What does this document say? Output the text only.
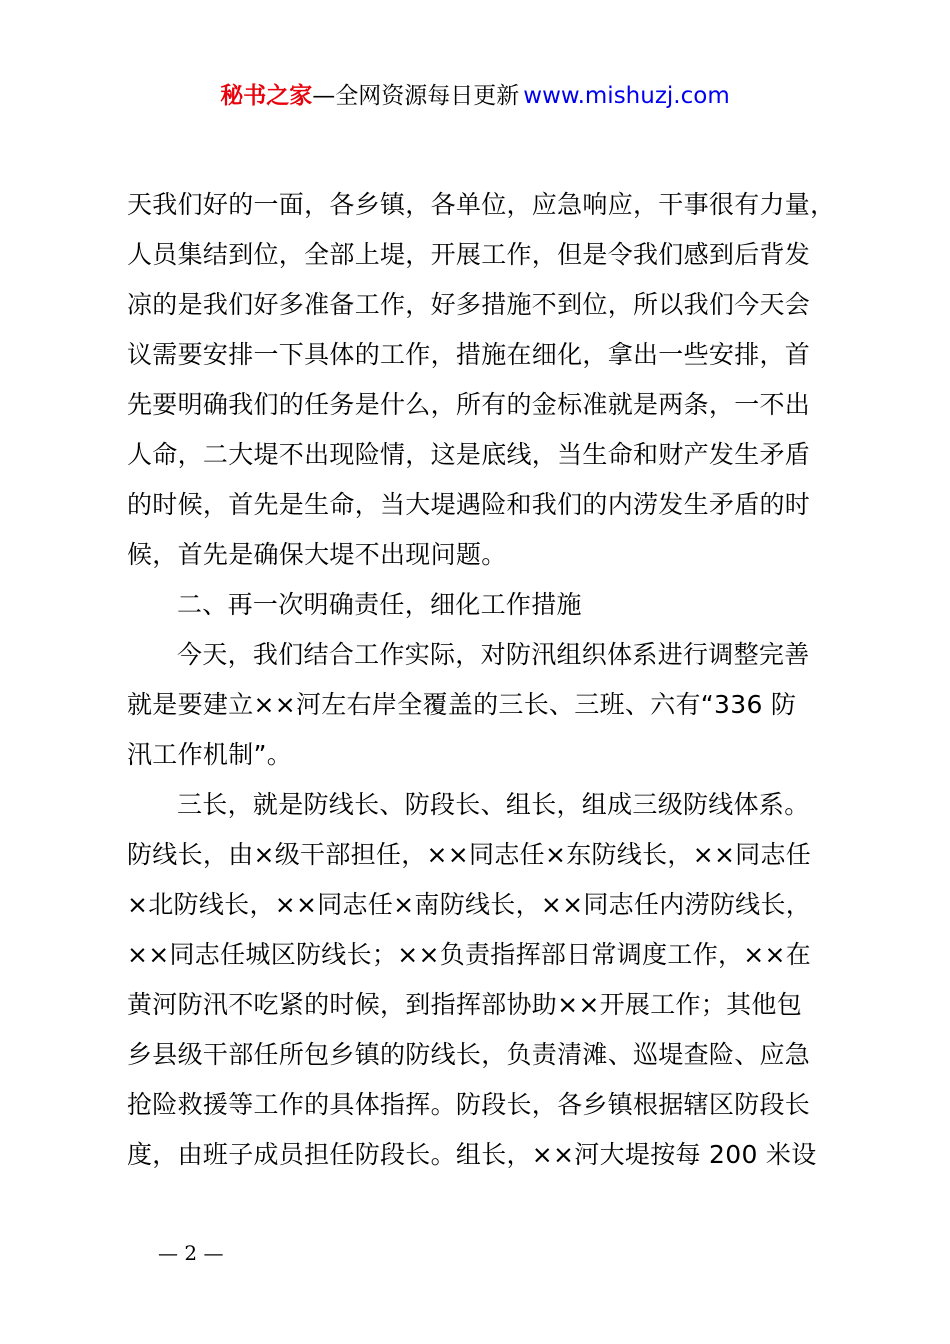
秘书之家—全网资源每日更新 www.mishuzj.com
天我们好的一面，各乡镇，各单位，应急响应，干事很有力量，
人员集结到位，全部上堤，开展工作，但是令我们感到后背发
凉的是我们好多准备工作，好多措施不到位，所以我们今天会
议需要安排一下具体的工作，措施在细化，拿出一些安排，首
先要明确我们的任务是什么，所有的金标准就是两条，一不出
人命，二大堤不出现险情，这是底线，当生命和财产发生矛盾
的时候，首先是生命，当大堤遇险和我们的内涝发生矛盾的时
候，首先是确保大堤不出现问题。
二、再一次明确责任，细化工作措施
今天，我们结合工作实际，对防汛组织体系进行调整完善
就是要建立××河左右岸全覆盖的三长、三班、六有“336 防
汛工作机制”。
三长，就是防线长、防段长、组长，组成三级防线体系。
防线长，由×级干部担任，××同志任×东防线长，××同志任
×北防线长，××同志任×南防线长，××同志任内涝防线长，
××同志任城区防线长；××负责指挥部日常调度工作，××在
黄河防汛不吃紧的时候，到指挥部协助××开展工作；其他包
乡县级干部任所包乡镇的防线长，负责清滩、巡堤查险、应急
抢险救援等工作的具体指挥。防段长，各乡镇根据辖区防段长
度，由班子成员担任防段长。组长，××河大堤按每 200 米设
— 2 —
